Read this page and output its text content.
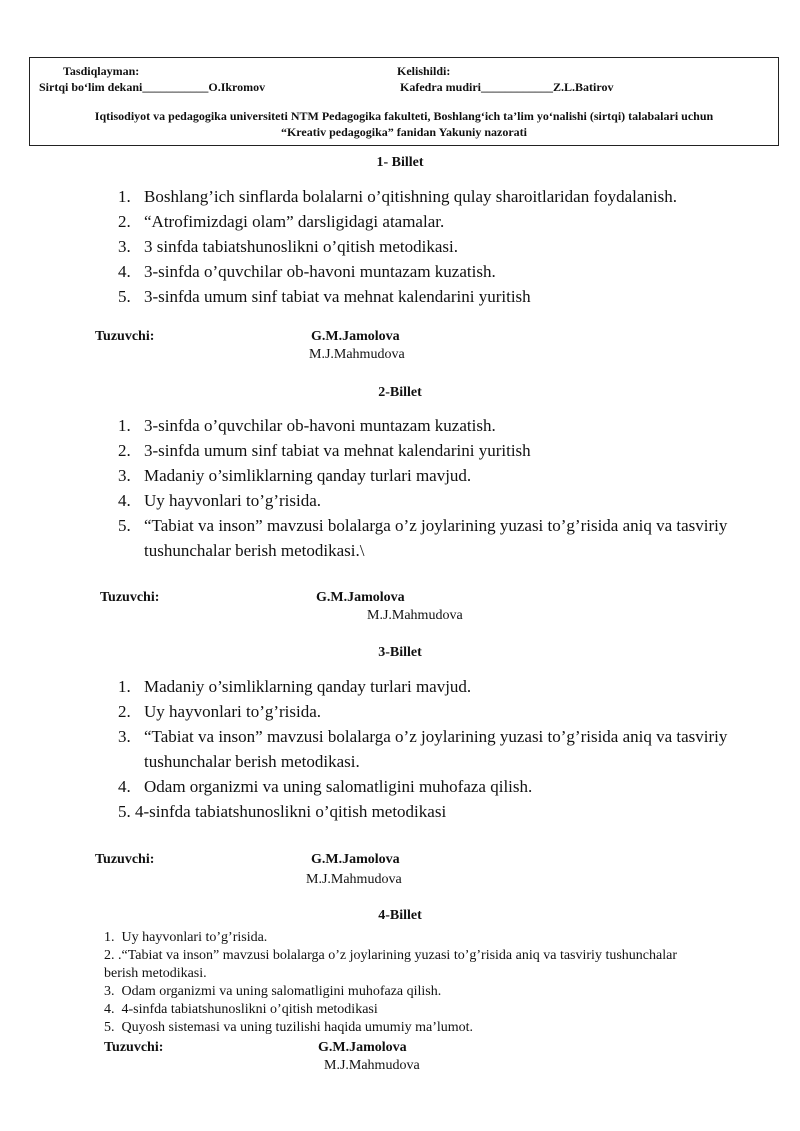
Tasdiqlayman:
Sirtqi bo‘lim dekani___________O.Ikromov
Kelishildi:
Kafedra mudiri____________Z.L.Batirov
Iqtisodiyot va pedagogika universiteti NTM Pedagogika fakulteti, Boshlang‘ich ta’lim yo‘nalishi (sirtqi) talabalari uchun
“Kreativ pedagogika” fanidan Yakuniy nazorati
1- Billet
1. Boshlang’ich sinflarda bolalarni o’qitishning qulay sharoitlaridan foydalanish.
2. “Atrofimizdagi olam” darsligidagi atamalar.
3. 3 sinfda tabiatshunoslikni o’qitish metodikasi.
4. 3-sinfda o’quvchilar ob-havoni muntazam kuzatish.
5. 3-sinfda umum sinf tabiat va mehnat kalendarini yuritish
Tuzuvchi:	G.M.Jamolova
M.J.Mahmudova
2-Billet
1. 3-sinfda o’quvchilar ob-havoni muntazam kuzatish.
2. 3-sinfda umum sinf tabiat va mehnat kalendarini yuritish
3. Madaniy o’simliklarning qanday turlari mavjud.
4. Uy hayvonlari to’g’risida.
5. “Tabiat va inson” mavzusi bolalarga o’z joylarining yuzasi to’g’risida aniq va tasviriy tushunchalar berish metodikasi.\
Tuzuvchi:	G.M.Jamolova
M.J.Mahmudova
3-Billet
1. Madaniy o’simliklarning qanday turlari mavjud.
2. Uy hayvonlari to’g’risida.
3. “Tabiat va inson” mavzusi bolalarga o’z joylarining yuzasi to’g’risida aniq va tasviriy tushunchalar berish metodikasi.
4. Odam organizmi va uning salomatligini muhofaza qilish.
5. 4-sinfda tabiatshunoslikni o’qitish metodikasi
Tuzuvchi:	G.M.Jamolova
M.J.Mahmudova
4-Billet
1. Uy hayvonlari to’g’risida.
2. .“Tabiat va inson” mavzusi bolalarga o’z joylarining yuzasi to’g’risida aniq va tasviriy tushunchalar berish metodikasi.
3. Odam organizmi va uning salomatligini muhofaza qilish.
4. 4-sinfda tabiatshunoslikni o’qitish metodikasi
5. Quyosh sistemasi va uning tuzilishi haqida umumiy ma’lumot.
Tuzuvchi:	G.M.Jamolova
M.J.Mahmudova
